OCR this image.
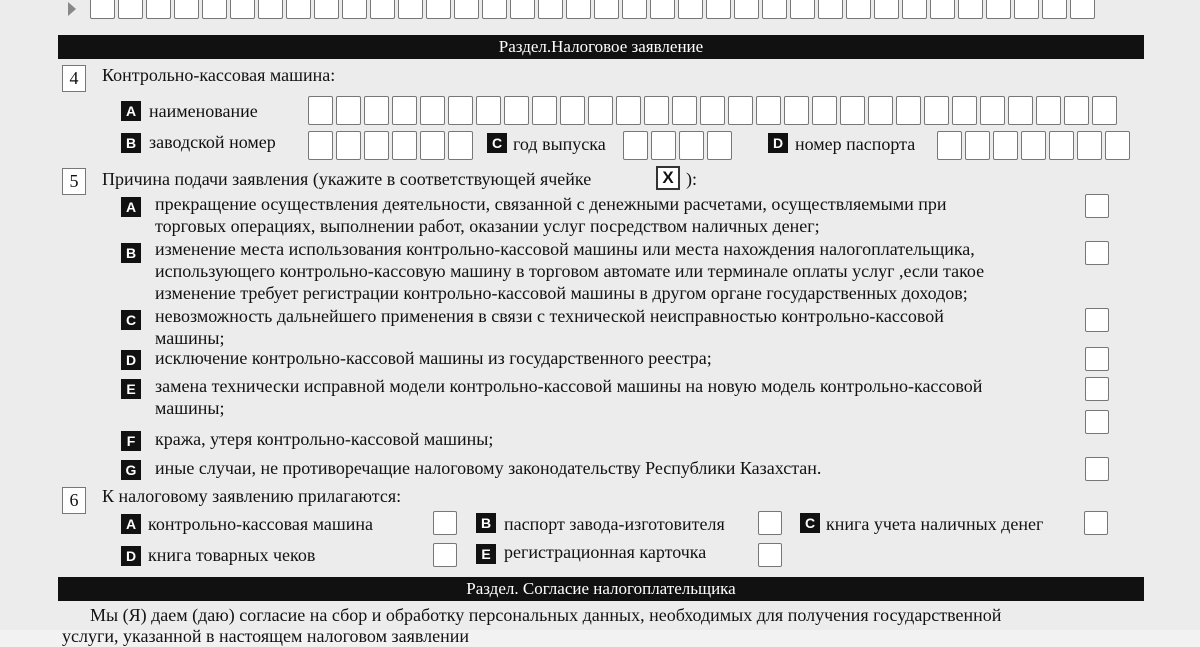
Раздел.Налоговое заявление
4	Контрольно-кассовая машина:
A наименование
B заводской номер	C год выпуска	D номер паспорта
5	Причина подачи заявления (укажите в соответствующей ячейке	X ):
A прекращение осуществления деятельности, связанной с денежными расчетами, осуществляемыми при
торговых операциях, выполнении работ, оказании услуг посредством наличных денег;
B изменение места использования контрольно-кассовой машины или места нахождения налогоплательщика,
использующего контрольно-кассовую машину в торговом автомате или терминале оплаты услуг ,если такое
изменение требует регистрации контрольно-кассовой машины в другом органе государственных доходов;
C невозможность дальнейшего применения в связи с технической неисправностью контрольно-кассовой
машины;
D исключение контрольно-кассовой машины из государственного реестра;
E замена технически исправной модели контрольно-кассовой машины на новую модель контрольно-кассовой
машины;
F	кража, утеря контрольно-кассовой машины;
G иные случаи, не противоречащие налоговому законодательству Республики Казахстан.
6	К налоговому заявлению прилагаются:
A контрольно-кассовая машина	B паспорт завода-изготовителя	C книга учета наличных денег
D книга товарных чеков	E регистрационная карточка
Раздел. Согласие налогоплательщика
Мы (Я) даем (даю) согласие на сбор и обработку персональных данных, необходимых для получения государственной
услуги, указанной в настоящем налоговом заявлении
